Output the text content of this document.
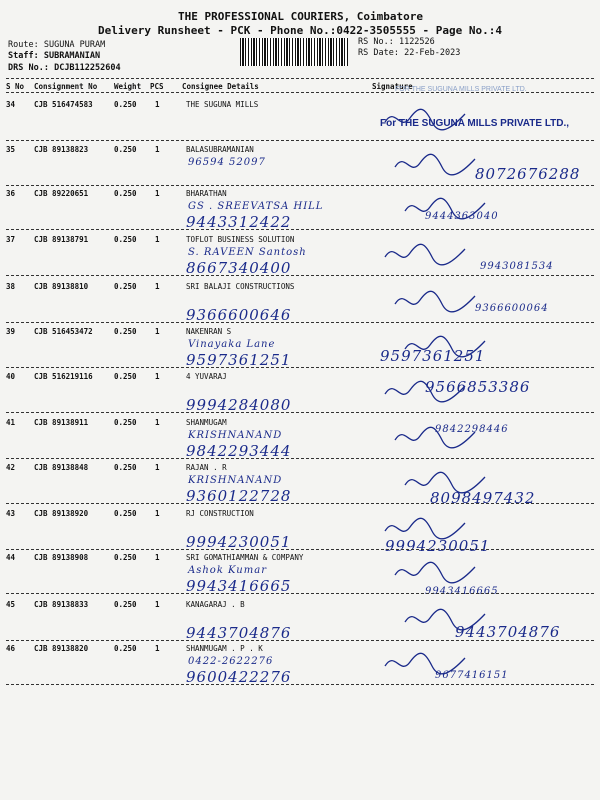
THE PROFESSIONAL COURIERS, Coimbatore
Delivery Runsheet - PCK - Phone No.:0422-3505555 - Page No.:4
Route: SUGUNA PURAM
Staff: SUBRAMANIAN
DRS No.: DCJB112252604
RS No.: 1122526
RS Date: 22-Feb-2023
S No Consignment No Weight PCS Consignee Details	Signature
34	CJB 516474583	0.250 1	THE SUGUNA MILLS
35	CJB 89138823	0.250 1	BALASUBRAMANIAN
96594 52097
8072676288
36	CJB 89220651	0.250 1	BHARATHAN
GS . SREEVATSA HILL
9443312422	9444363040
37	CJB 89138791	0.250 1	TOFLOT BUSINESS SOLUTION
S. RAVEEN Santosh
8667340400	9943081534
38	CJB 89138810	0.250 1	SRI BALAJI CONSTRUCTIONS
9366600646	9366600064
39	CJB 516453472	0.250 1	NAKENRAN S
Vinayaka Lane
9597361251	9597361251
40	CJB 516219116	0.250 1	4 YUVARAJ
9994284080
9566853386
41	CJB 89138911	0.250 1	SHANMUGAM
KRISHNANAND
9842293444
9842298446
42	CJB 89138848	0.250 1	RAJAN . R
KRISHNANAND
9360122728	8098497432
43	CJB 89138920	0.250 1	RJ CONSTRUCTION
9994230051	9994230051
44	CJB 89138908	0.250 1	SRI GOMATHIAMMAN & COMPANY
Ashok Kumar
9943416665	9943416665
45	CJB 89138833	0.250 1	KANAGARAJ . B
9443704876	9443704876
46	CJB 89138820	0.250 1	SHANMUGAM . P . K
0422-2622276
9600422276	9677416151
FOR THE SUGUNA MILLS PRIVATE LTD.
For THE SUGUNA MILLS PRIVATE LTD.,
